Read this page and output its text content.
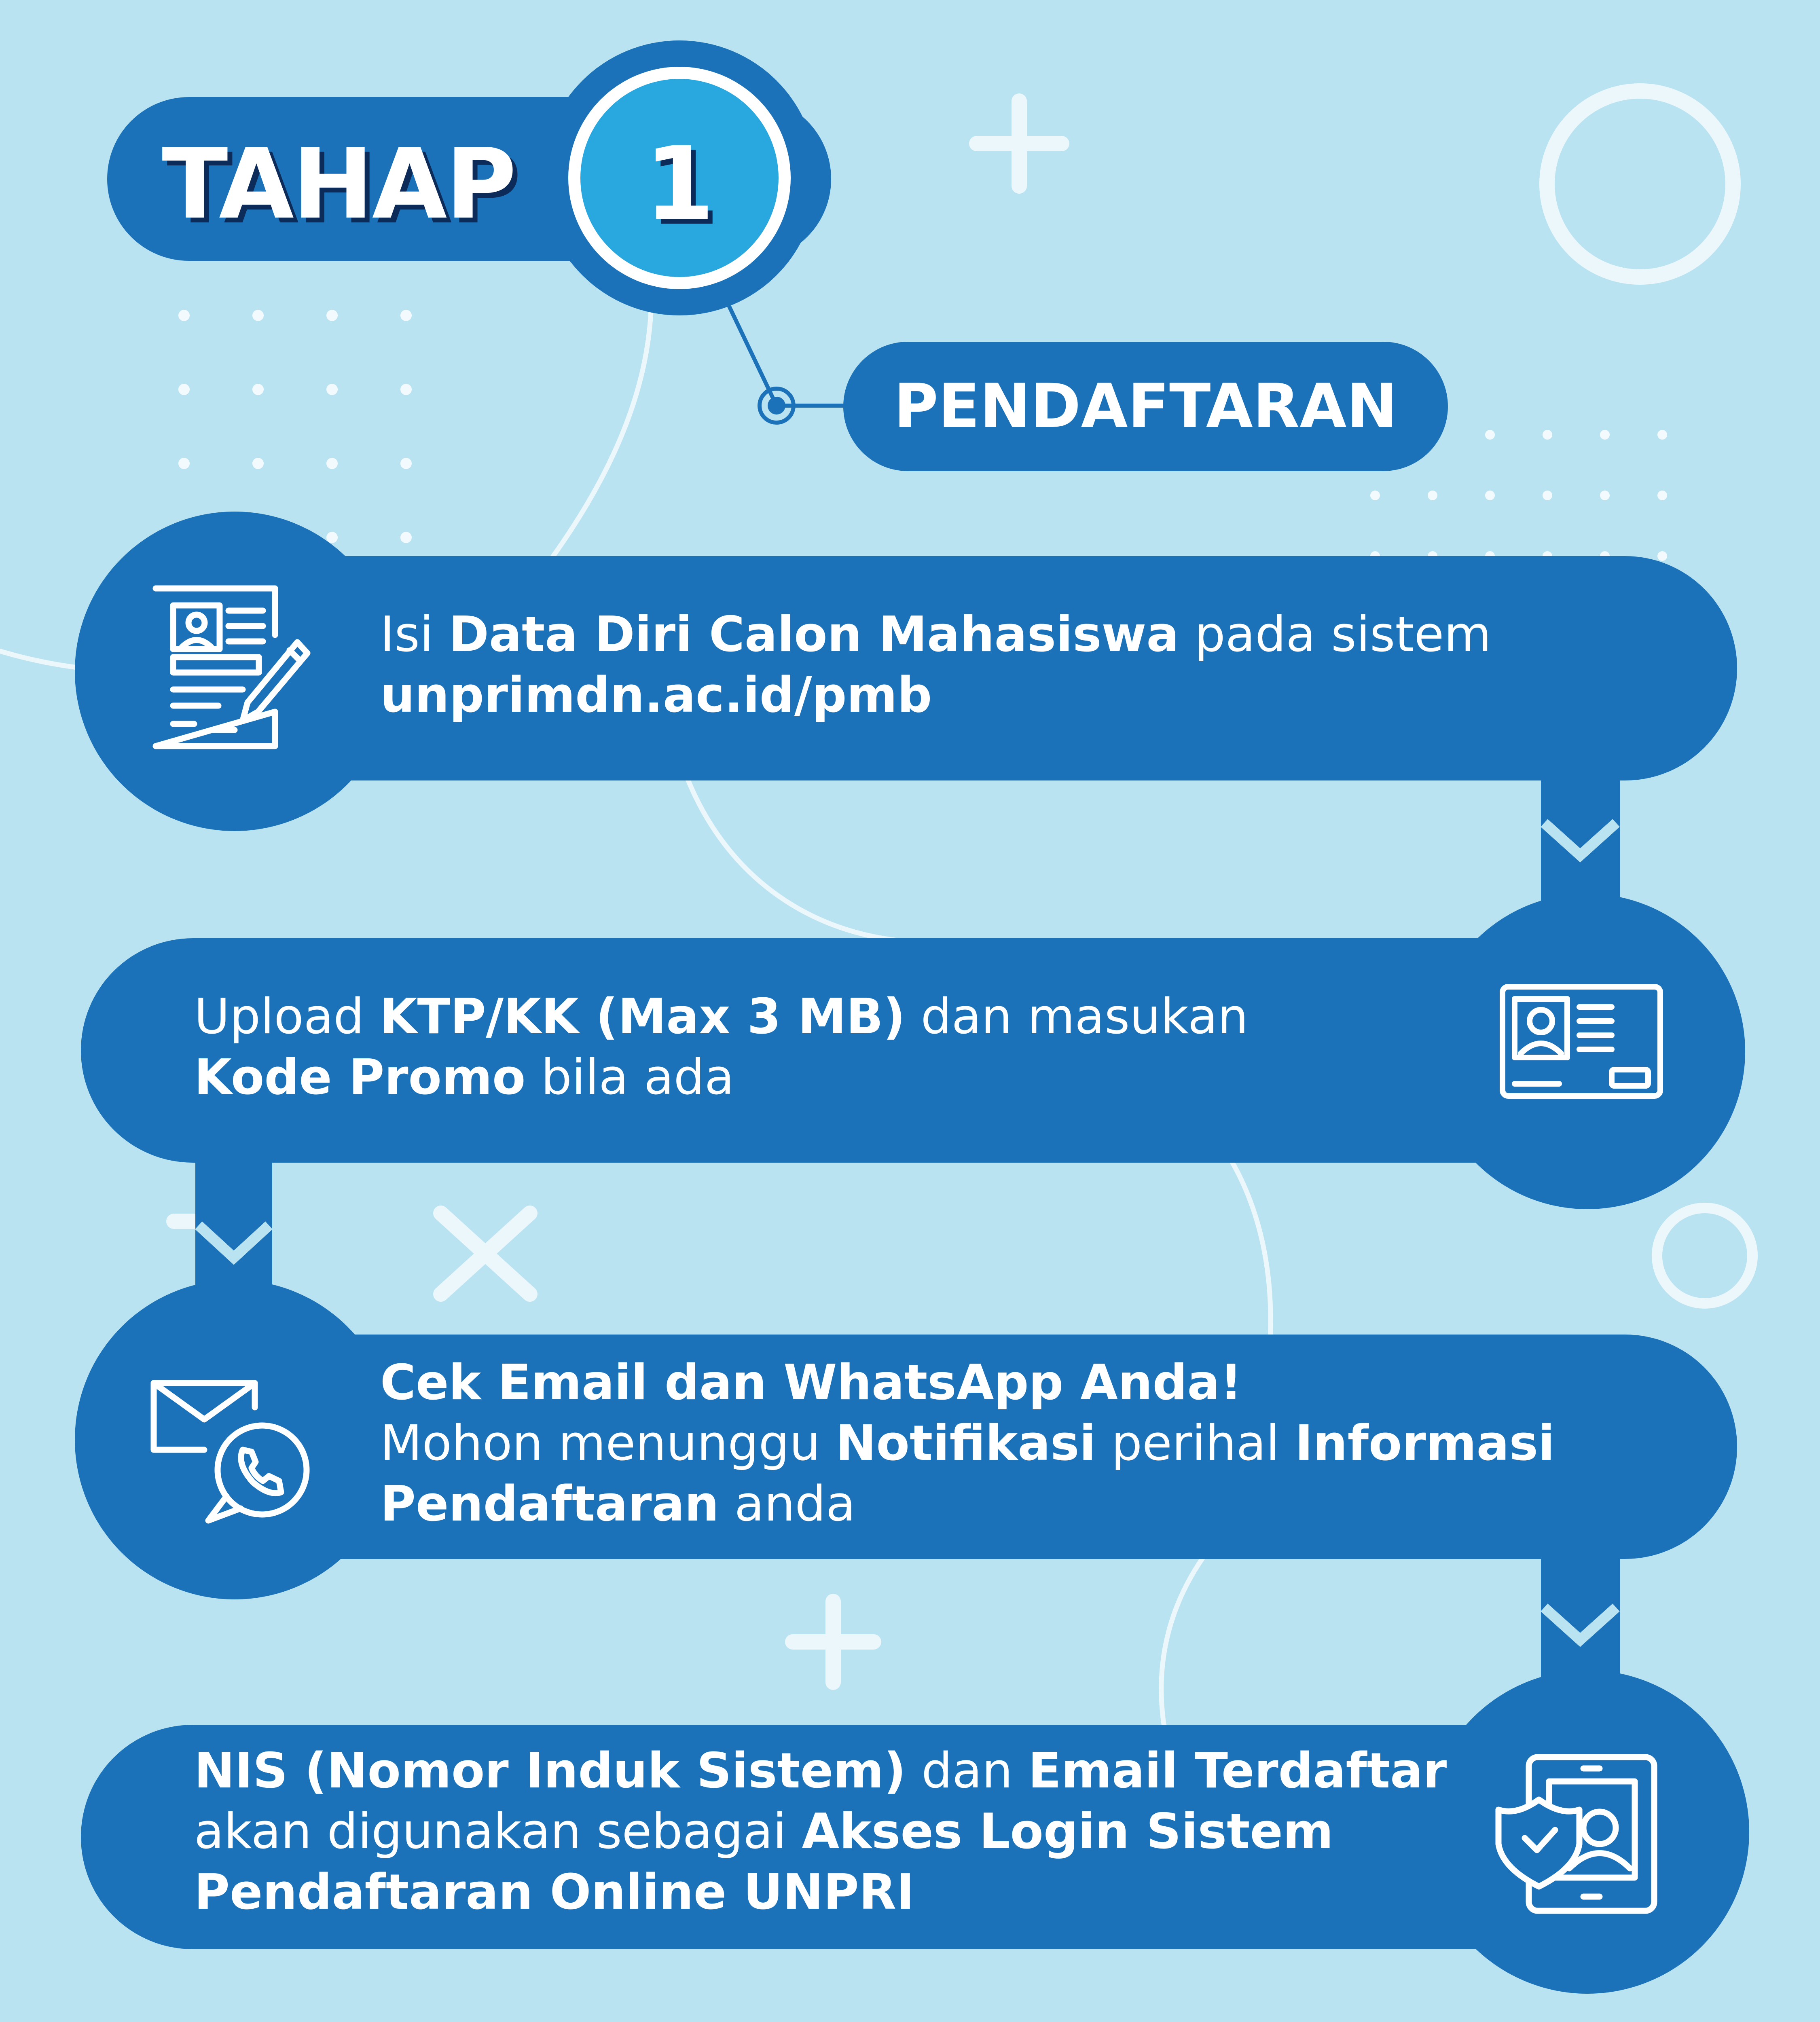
TAHAP 1
PENDAFTARAN
Isi Data Diri Calon Mahasiswa pada sistem
unprimdn.ac.id/pmb
Upload KTP/KK (Max 3 MB) dan masukan
Kode Promo bila ada
Cek Email dan WhatsApp Anda!
Mohon menunggu Notifikasi perihal Informasi
Pendaftaran anda
NIS (Nomor Induk Sistem) dan Email Terdaftar
akan digunakan sebagai Akses Login Sistem
Pendaftaran Online UNPRI
